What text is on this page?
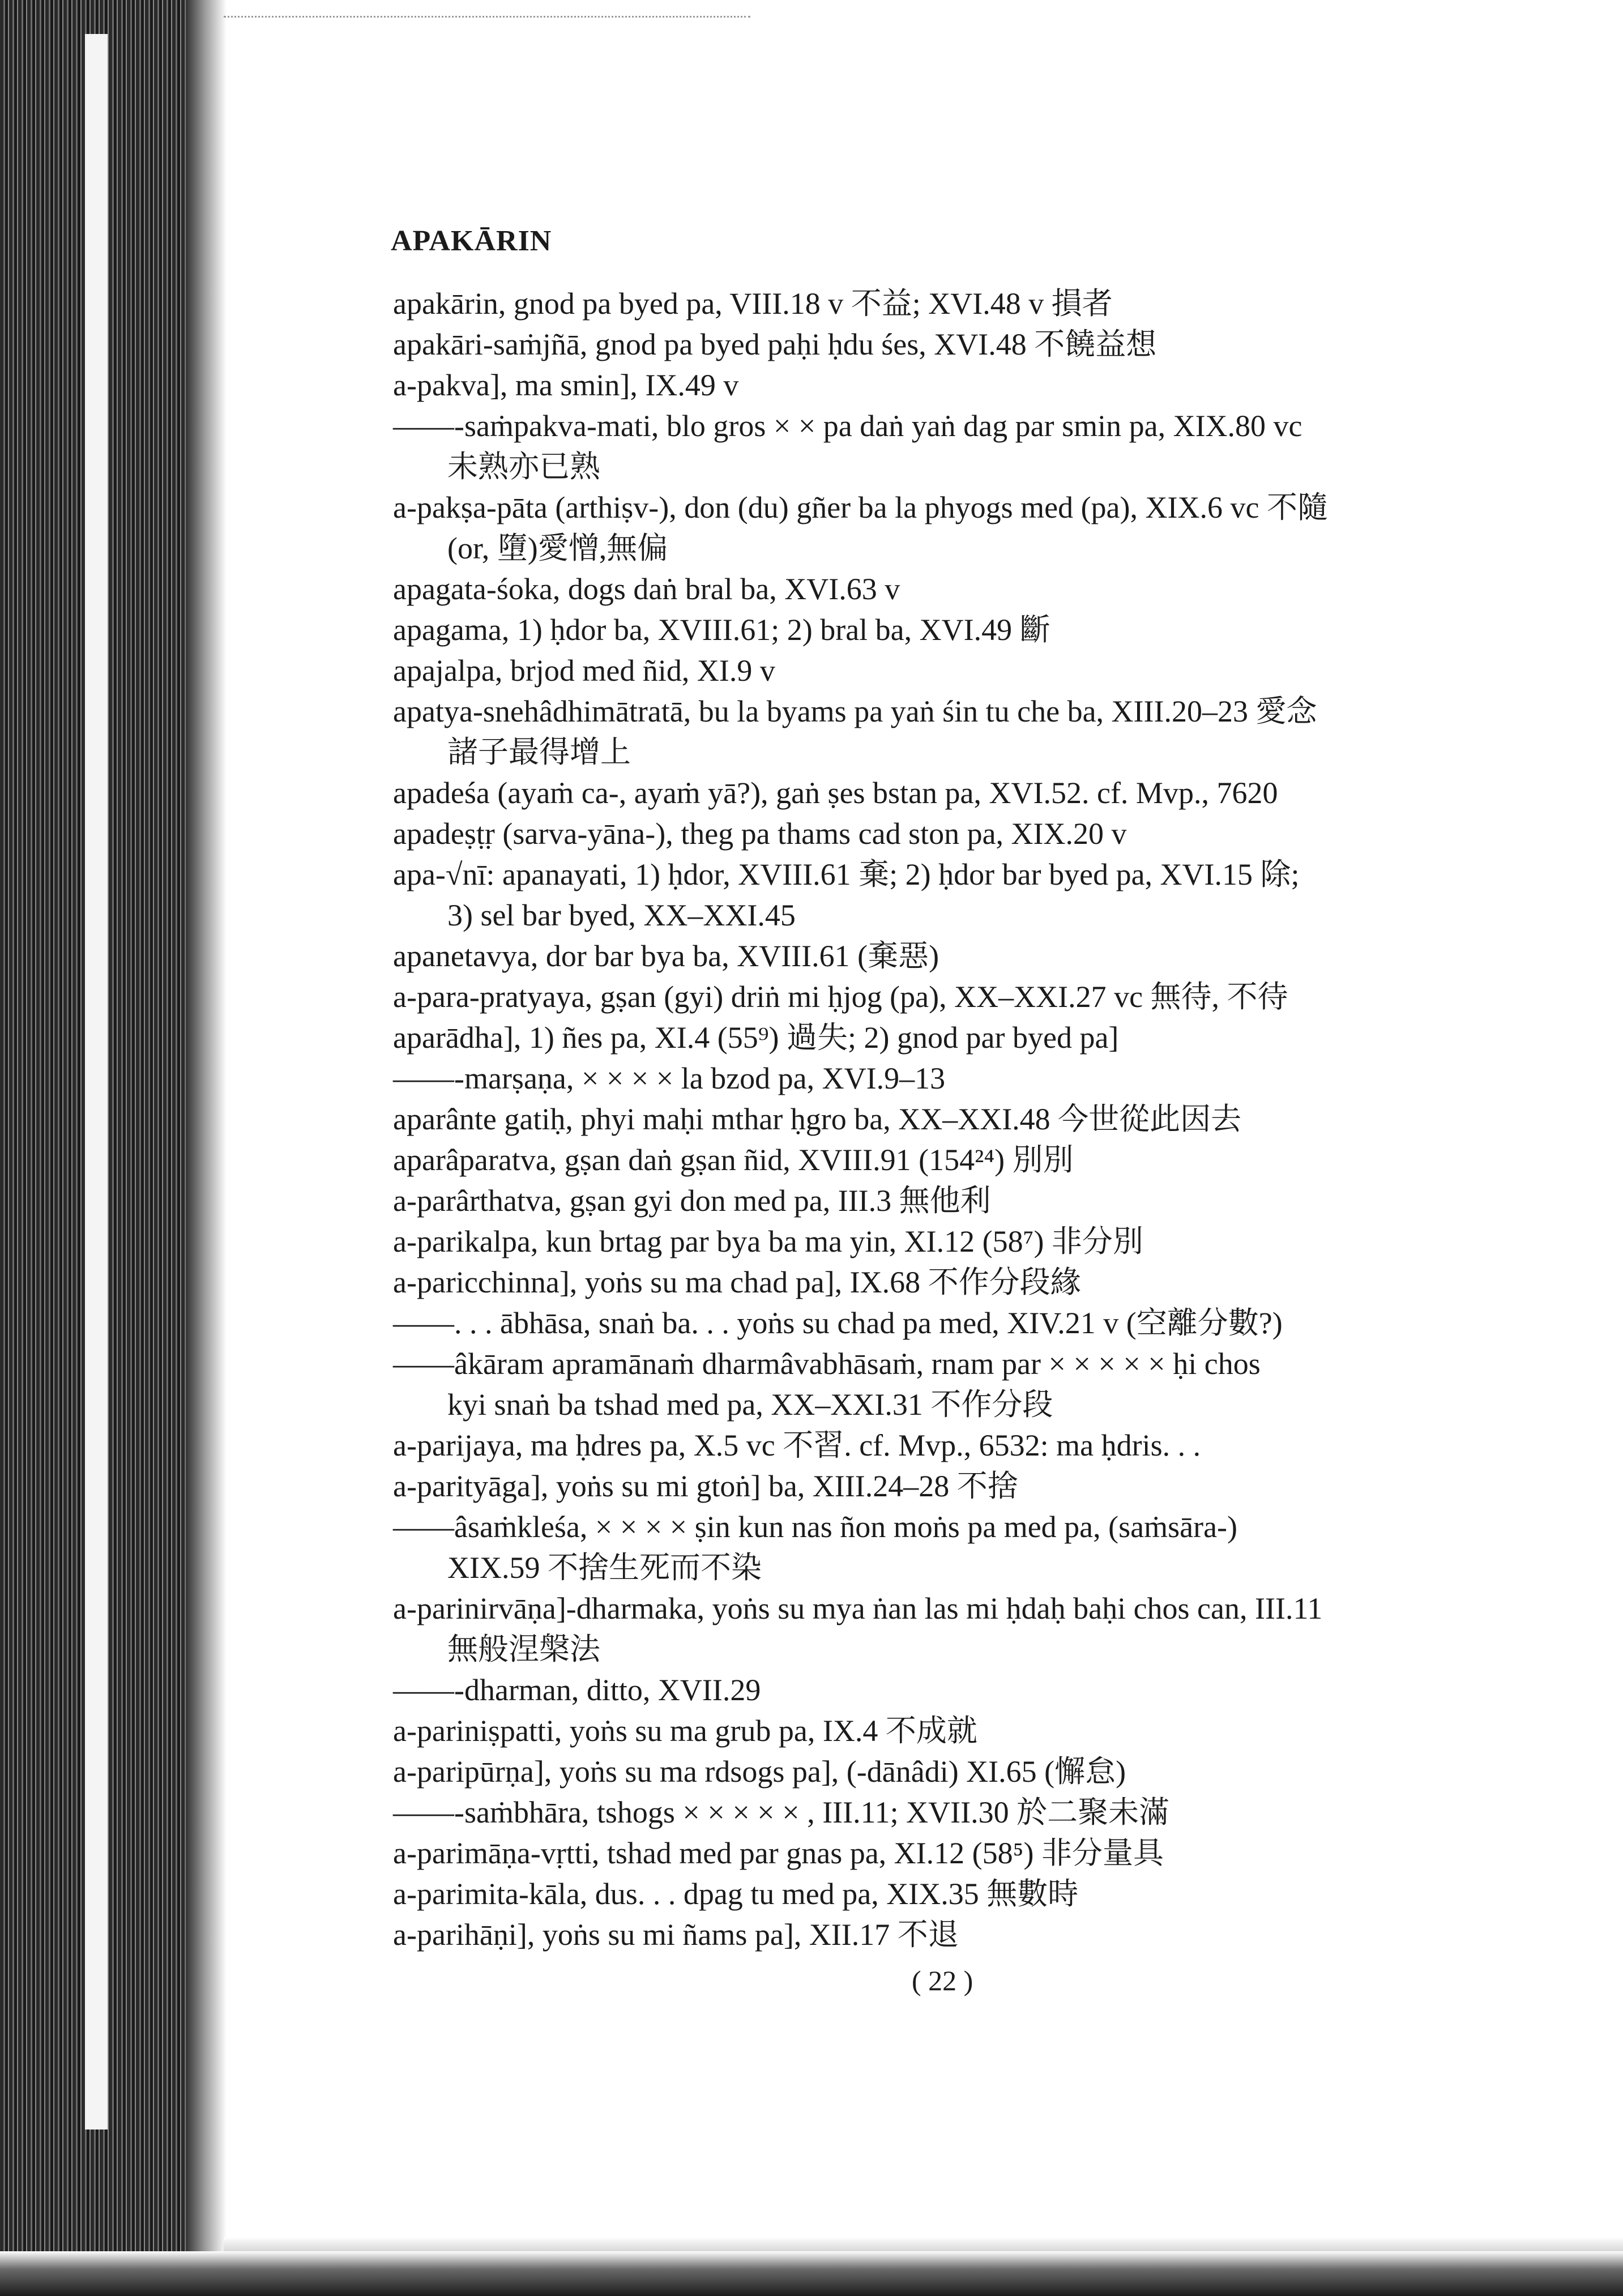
APAKĀRIN
apakārin, gnod pa byed pa, VIII.18 v 不益; XVI.48 v 損者
apakāri-saṁjñā, gnod pa byed paḥi ḥdu śes, XVI.48 不饒益想
a-pakva], ma smin], IX.49 v
——-saṁpakva-mati, blo gros × × pa daṅ yaṅ dag par smin pa, XIX.80 vc
未熟亦已熟
a-pakṣa-pāta (arthiṣv-), don (du) gñer ba la phyogs med (pa), XIX.6 vc 不隨
(or, 墮)愛憎,無偏
apagata-śoka, dogs daṅ bral ba, XVI.63 v
apagama, 1) ḥdor ba, XVIII.61; 2) bral ba, XVI.49 斷
apajalpa, brjod med ñid, XI.9 v
apatya-snehâdhimātratā, bu la byams pa yaṅ śin tu che ba, XIII.20–23 愛念
諸子最得增上
apadeśa (ayaṁ ca-, ayaṁ yā?), gaṅ ṣes bstan pa, XVI.52. cf. Mvp., 7620
apadeṣṭṛ (sarva-yāna-), theg pa thams cad ston pa, XIX.20 v
apa-√nī: apanayati, 1) ḥdor, XVIII.61 棄; 2) ḥdor bar byed pa, XVI.15 除;
3) sel bar byed, XX–XXI.45
apanetavya, dor bar bya ba, XVIII.61 (棄惡)
a-para-pratyaya, gṣan (gyi) driṅ mi ḥjog (pa), XX–XXI.27 vc 無待, 不待
aparādha], 1) ñes pa, XI.4 (55⁹) 過失; 2) gnod par byed pa]
——-marṣaṇa, × × × × la bzod pa, XVI.9–13
aparânte gatiḥ, phyi maḥi mthar ḥgro ba, XX–XXI.48 今世從此因去
aparâparatva, gṣan daṅ gṣan ñid, XVIII.91 (154²⁴) 別別
a-parârthatva, gṣan gyi don med pa, III.3 無他利
a-parikalpa, kun brtag par bya ba ma yin, XI.12 (58⁷) 非分別
a-paricchinna], yoṅs su ma chad pa], IX.68 不作分段緣
——. . . ābhāsa, snaṅ ba. . . yoṅs su chad pa med, XIV.21 v (空離分數?)
——âkāram apramānaṁ dharmâvabhāsaṁ, rnam par × × × × × ḥi chos
kyi snaṅ ba tshad med pa, XX–XXI.31 不作分段
a-parijaya, ma ḥdres pa, X.5 vc 不習. cf. Mvp., 6532: ma ḥdris. . .
a-parityāga], yoṅs su mi gtoṅ] ba, XIII.24–28 不捨
——âsaṁkleśa, × × × × ṣin kun nas ñon moṅs pa med pa, (saṁsāra-)
XIX.59 不捨生死而不染
a-parinirvāṇa]-dharmaka, yoṅs su mya ṅan las mi ḥdaḥ baḥi chos can, III.11
無般涅槃法
——-dharman, ditto, XVII.29
a-pariniṣpatti, yoṅs su ma grub pa, IX.4 不成就
a-paripūrṇa], yoṅs su ma rdsogs pa], (-dānâdi) XI.65 (懈怠)
——-saṁbhāra, tshogs × × × × × , III.11; XVII.30 於二聚未滿
a-parimāṇa-vṛtti, tshad med par gnas pa, XI.12 (58⁵) 非分量具
a-parimita-kāla, dus. . . dpag tu med pa, XIX.35 無數時
a-parihāṇi], yoṅs su mi ñams pa], XII.17 不退
( 22 )
